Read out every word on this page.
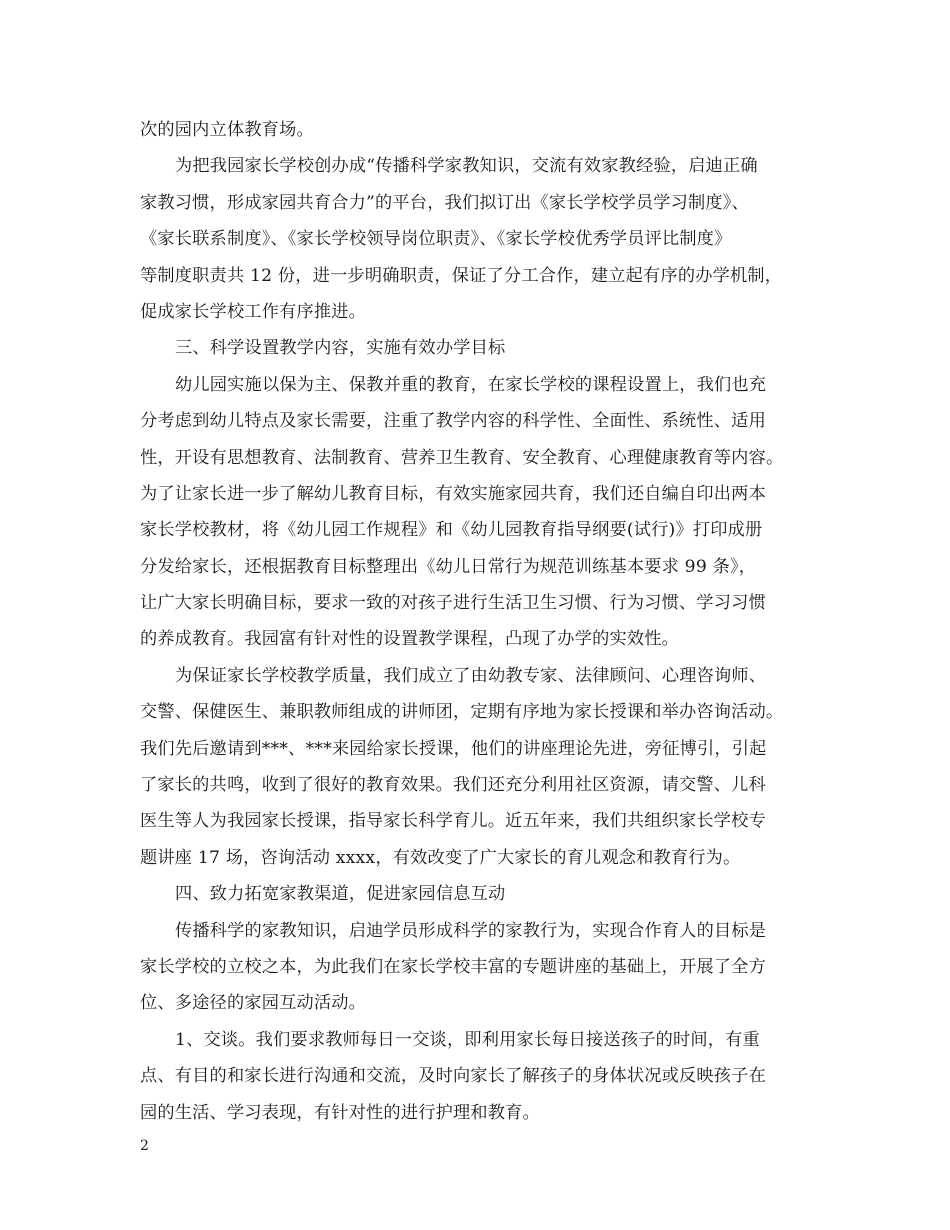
次的园内立体教育场。
为把我园家长学校创办成“传播科学家教知识，交流有效家教经验，启迪正确
家教习惯，形成家园共育合力”的平台，我们拟订出《家长学校学员学习制度》、
《家长联系制度》、《家长学校领导岗位职责》、《家长学校优秀学员评比制度》
等制度职责共 12 份，进一步明确职责，保证了分工合作，建立起有序的办学机制，
促成家长学校工作有序推进。
三、科学设置教学内容，实施有效办学目标
幼儿园实施以保为主、保教并重的教育，在家长学校的课程设置上，我们也充
分考虑到幼儿特点及家长需要，注重了教学内容的科学性、全面性、系统性、适用
性，开设有思想教育、法制教育、营养卫生教育、安全教育、心理健康教育等内容。
为了让家长进一步了解幼儿教育目标，有效实施家园共育，我们还自编自印出两本
家长学校教材，将《幼儿园工作规程》和《幼儿园教育指导纲要(试行)》打印成册
分发给家长，还根据教育目标整理出《幼儿日常行为规范训练基本要求 99 条》，
让广大家长明确目标，要求一致的对孩子进行生活卫生习惯、行为习惯、学习习惯
的养成教育。我园富有针对性的设置教学课程，凸现了办学的实效性。
为保证家长学校教学质量，我们成立了由幼教专家、法律顾问、心理咨询师、
交警、保健医生、兼职教师组成的讲师团，定期有序地为家长授课和举办咨询活动。
我们先后邀请到***、***来园给家长授课，他们的讲座理论先进，旁征博引，引起
了家长的共鸣，收到了很好的教育效果。我们还充分利用社区资源，请交警、儿科
医生等人为我园家长授课，指导家长科学育儿。近五年来，我们共组织家长学校专
题讲座 17 场，咨询活动 xxxx，有效改变了广大家长的育儿观念和教育行为。
四、致力拓宽家教渠道，促进家园信息互动
传播科学的家教知识，启迪学员形成科学的家教行为，实现合作育人的目标是
家长学校的立校之本，为此我们在家长学校丰富的专题讲座的基础上，开展了全方
位、多途径的家园互动活动。
1、交谈。我们要求教师每日一交谈，即利用家长每日接送孩子的时间，有重
点、有目的和家长进行沟通和交流，及时向家长了解孩子的身体状况或反映孩子在
园的生活、学习表现，有针对性的进行护理和教育。
2
